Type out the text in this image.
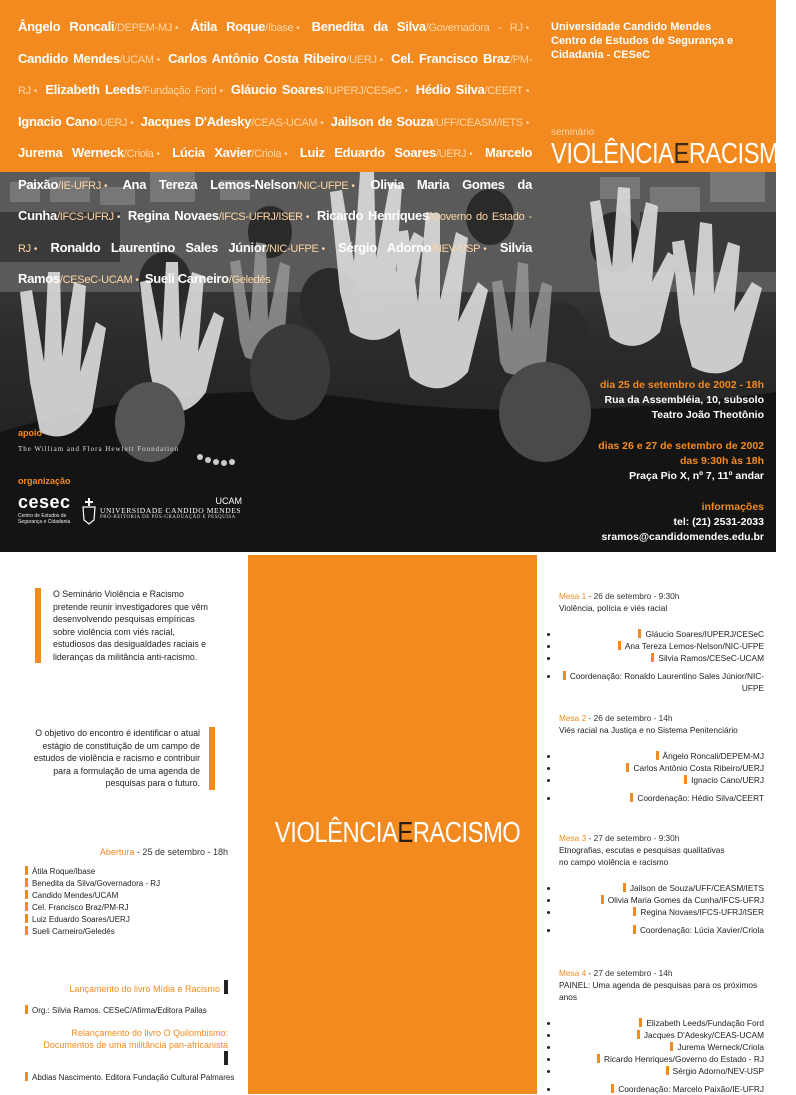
Ângelo Roncali/DEPEM-MJ • Átila Roque/Ibase • Benedita da Silva/Governadora - RJ • Candido Mendes/UCAM • Carlos Antônio Costa Ribeiro/UERJ • Cel. Francisco Braz/PM-RJ • Elizabeth Leeds/Fundação Ford • Gláucio Soares/IUPERJ/CESeC • Hédio Silva/CEERT • Ignacio Cano/UERJ • Jacques D'Adesky/CEAS-UCAM • Jailson de Souza/UFF/CEASM/IETS • Jurema Werneck/Criola • Lúcia Xavier/Criola • Luiz Eduardo Soares/UERJ • Marcelo Paixão/IE-UFRJ • Ana Tereza Lemos-Nelson/NIC-UFPE • Olivia Maria Gomes da Cunha/IFCS-UFRJ • Regina Novaes/IFCS-UFRJ/ISER • Ricardo Henriques/Governo do Estado - RJ • Ronaldo Laurentino Sales Júnior/NIC-UFPE • Sérgio Adorno/NEV-USP • Silvia Ramos/CESeC-UCAM • Sueli Carneiro/Geledés
Universidade Candido Mendes
Centro de Estudos de Segurança e Cidadania - CESeC
seminário
VIOLÊNCIAERACISMO
dia 25 de setembro de 2002 - 18h
Rua da Assembléia, 10, subsolo
Teatro João Theotônio
dias 26 e 27 de setembro de 2002
das 9:30h às 18h
Praça Pio X, nº 7, 11º andar
informações
tel: (21) 2531-2033
sramos@candidomendes.edu.br
apoio
The William and Flora Hewlett Foundation
organização
cesec
Centro de Estudos de Segurança e Cidadania
UCAM
UNIVERSIDADE CANDIDO MENDES
PRÓ-REITORIA DE PÓS-GRADUAÇÃO E PESQUISA
VIOLÊNCIAERACISMO
O Seminário Violência e Racismo pretende reunir investigadores que vêm desenvolvendo pesquisas empíricas sobre violência com viés racial, estudiosos das desigualdades raciais e lideranças da militância anti-racismo.
O objetivo do encontro é identificar o atual estágio de constituição de um campo de estudos de violência e racismo e contribuir para a formulação de uma agenda de pesquisas para o futuro.
Abertura - 25 de setembro - 18h
Átila Roque/Ibase
Benedita da Silva/Governadora - RJ
Candido Mendes/UCAM
Cel. Francisco Braz/PM-RJ
Luiz Eduardo Soares/UERJ
Sueli Carneiro/Geledés
Lançamento do livro Mídia e Racismo
Org.: Silvia Ramos. CESeC/Afirma/Editora Pallas
Relançamento do livro O Quilombismo:
Documentos de uma militância pan-africanista
Abdias Nascimento. Editora Fundação Cultural Palmares
Mesa 1 - 26 de setembro - 9:30h
Violência, polícia e viés racial
• Gláucio Soares/IUPERJ/CESeC
• Ana Tereza Lemos-Nelson/NIC-UFPE
• Silvia Ramos/CESeC-UCAM
• Coordenação: Ronaldo Laurentino Sales Júnior/NIC-UFPE
Mesa 2 - 26 de setembro - 14h
Viés racial na Justiça e no Sistema Penitenciário
• Ângelo Roncali/DEPEM-MJ
• Carlos Antônio Costa Ribeiro/UERJ
• Ignacio Cano/UERJ
• Coordenação: Hédio Silva/CEERT
Mesa 3 - 27 de setembro - 9:30h
Etnografias, escutas e pesquisas qualitativas
no campo violência e racismo
• Jailson de Souza/UFF/CEASM/IETS
• Olivia Maria Gomes da Cunha/IFCS-UFRJ
• Regina Novaes/IFCS-UFRJ/ISER
• Coordenação: Lúcia Xavier/Criola
Mesa 4 - 27 de setembro - 14h
PAINEL: Uma agenda de pesquisas para os próximos anos
• Elizabeth Leeds/Fundação Ford
• Jacques D'Adesky/CEAS-UCAM
• Jurema Werneck/Criola
• Ricardo Henriques/Governo do Estado - RJ
• Sérgio Adorno/NEV-USP
• Coordenação: Marcelo Paixão/IE-UFRJ
